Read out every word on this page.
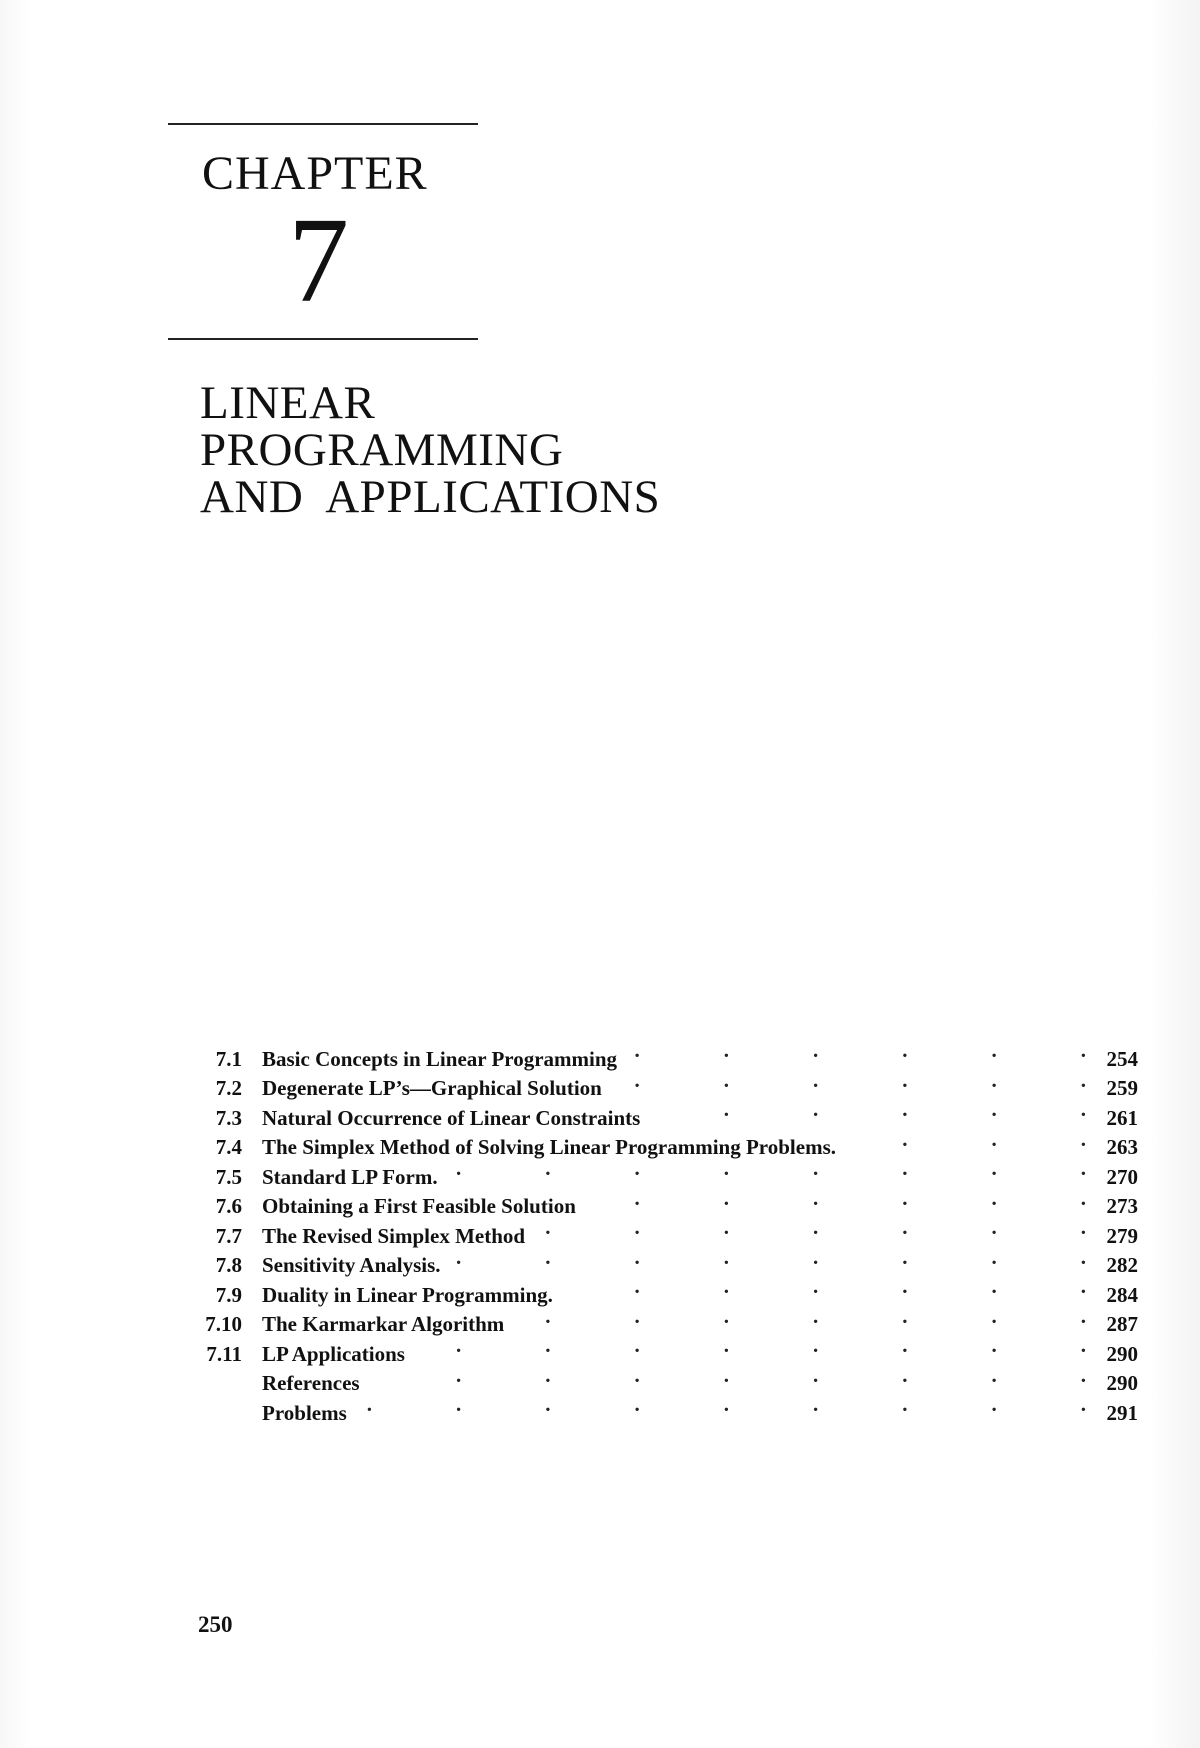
CHAPTER
7
LINEAR
PROGRAMMING
AND  APPLICATIONS
7.1 Basic Concepts in Linear Programming .	254
7.2 Degenerate LP’s—Graphical Solution .	259
7.3 Natural Occurrence of Linear Constraints .	261
7.4 The Simplex Method of Solving Linear Programming Problems. .	263
7.5 Standard LP Form. .	270
7.6 Obtaining a First Feasible Solution .	273
7.7 The Revised Simplex Method .	279
7.8 Sensitivity Analysis. .	282
7.9 Duality in Linear Programming. .	284
7.10 The Karmarkar Algorithm .	287
7.11 LP Applications .	290
References .	290
Problems .	291
250
